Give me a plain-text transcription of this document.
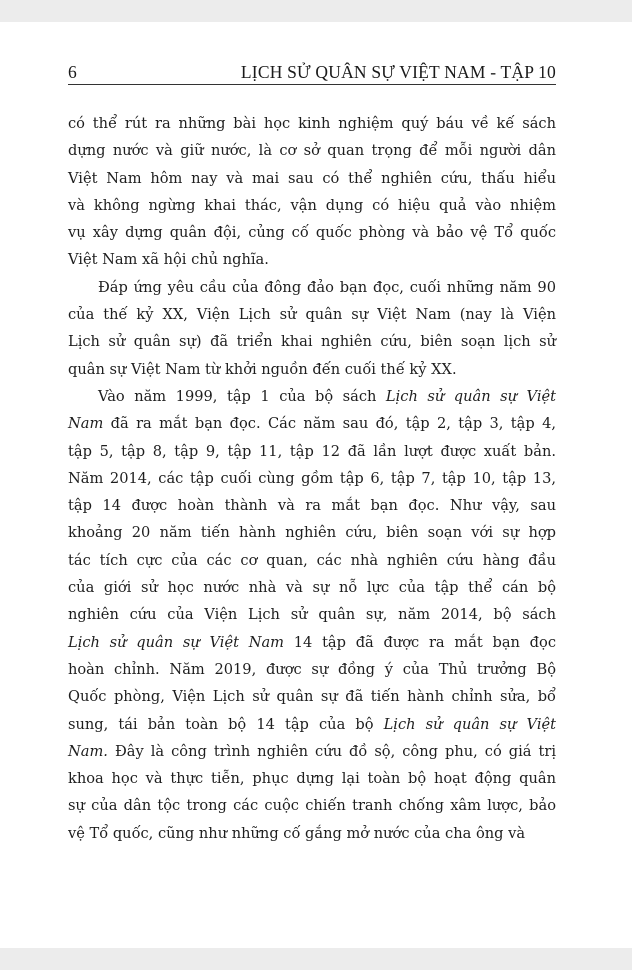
6	LỊCH SỬ QUÂN SỰ VIỆT NAM - TẬP 10
có thể rút ra những bài học kinh nghiệm quý báu về kế sách
dựng nước và giữ nước, là cơ sở quan trọng để mỗi người dân
Việt Nam hôm nay và mai sau có thể nghiên cứu, thấu hiểu
và không ngừng khai thác, vận dụng có hiệu quả vào nhiệm
vụ xây dựng quân đội, củng cố quốc phòng và bảo vệ Tổ quốc
Việt Nam xã hội chủ nghĩa.
Đáp ứng yêu cầu của đông đảo bạn đọc, cuối những năm 90
của thế kỷ XX, Viện Lịch sử quân sự Việt Nam (nay là Viện
Lịch sử quân sự) đã triển khai nghiên cứu, biên soạn lịch sử
quân sự Việt Nam từ khởi nguồn đến cuối thế kỷ XX.
Vào năm 1999, tập 1 của bộ sách Lịch sử quân sự Việt
Nam đã ra mắt bạn đọc. Các năm sau đó, tập 2, tập 3, tập 4,
tập 5, tập 8, tập 9, tập 11, tập 12 đã lần lượt được xuất bản.
Năm 2014, các tập cuối cùng gồm tập 6, tập 7, tập 10, tập 13,
tập 14 được hoàn thành và ra mắt bạn đọc. Như vậy, sau
khoảng 20 năm tiến hành nghiên cứu, biên soạn với sự hợp
tác tích cực của các cơ quan, các nhà nghiên cứu hàng đầu
của giới sử học nước nhà và sự nỗ lực của tập thể cán bộ
nghiên cứu của Viện Lịch sử quân sự, năm 2014, bộ sách
Lịch sử quân sự Việt Nam 14 tập đã được ra mắt bạn đọc
hoàn chỉnh. Năm 2019, được sự đồng ý của Thủ trưởng Bộ
Quốc phòng, Viện Lịch sử quân sự đã tiến hành chỉnh sửa, bổ
sung, tái bản toàn bộ 14 tập của bộ Lịch sử quân sự Việt
Nam. Đây là công trình nghiên cứu đồ sộ, công phu, có giá trị
khoa học và thực tiễn, phục dựng lại toàn bộ hoạt động quân
sự của dân tộc trong các cuộc chiến tranh chống xâm lược, bảo
vệ Tổ quốc, cũng như những cố gắng mở nước của cha ông và
